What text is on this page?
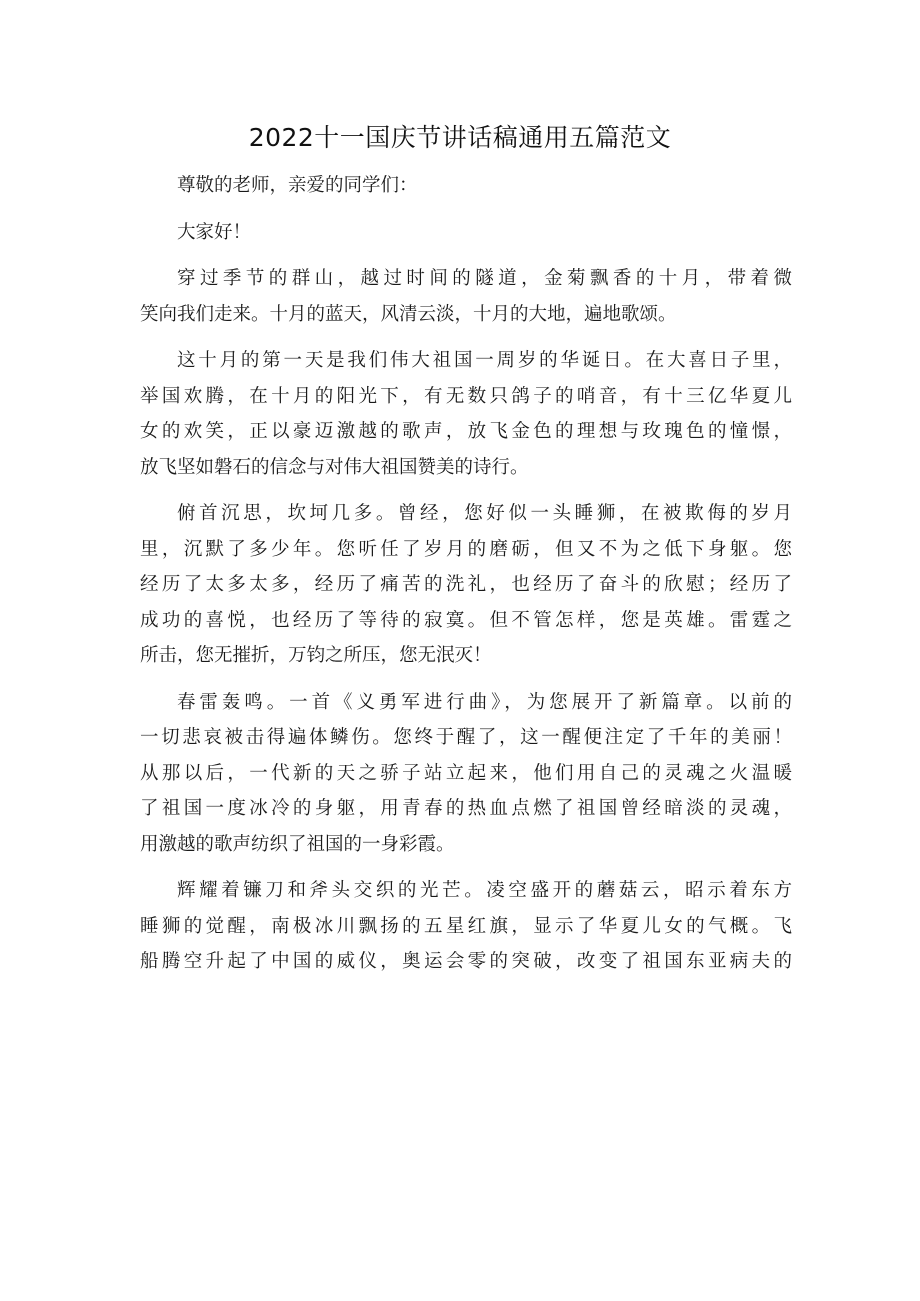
2022十一国庆节讲话稿通用五篇范文
尊敬的老师，亲爱的同学们：
大家好！
穿过季节的群山，越过时间的隧道，金菊飘香的十月，带着微
笑向我们走来。十月的蓝天，风清云淡，十月的大地，遍地歌颂。
这十月的第一天是我们伟大祖国一周岁的华诞日。在大喜日子里，
举国欢腾，在十月的阳光下，有无数只鸽子的哨音，有十三亿华夏儿
女的欢笑，正以豪迈激越的歌声，放飞金色的理想与玫瑰色的憧憬，
放飞坚如磐石的信念与对伟大祖国赞美的诗行。
俯首沉思，坎坷几多。曾经，您好似一头睡狮，在被欺侮的岁月
里，沉默了多少年。您听任了岁月的磨砺，但又不为之低下身躯。您
经历了太多太多，经历了痛苦的洗礼，也经历了奋斗的欣慰；经历了
成功的喜悦，也经历了等待的寂寞。但不管怎样，您是英雄。雷霆之
所击，您无摧折，万钧之所压，您无泯灭！
春雷轰鸣。一首《义勇军进行曲》，为您展开了新篇章。以前的
一切悲哀被击得遍体鳞伤。您终于醒了，这一醒便注定了千年的美丽！
从那以后，一代新的天之骄子站立起来，他们用自己的灵魂之火温暖
了祖国一度冰冷的身躯，用青春的热血点燃了祖国曾经暗淡的灵魂，
用激越的歌声纺织了祖国的一身彩霞。
辉耀着镰刀和斧头交织的光芒。凌空盛开的蘑菇云，昭示着东方
睡狮的觉醒，南极冰川飘扬的五星红旗，显示了华夏儿女的气概。飞
船腾空升起了中国的威仪，奥运会零的突破，改变了祖国东亚病夫的
